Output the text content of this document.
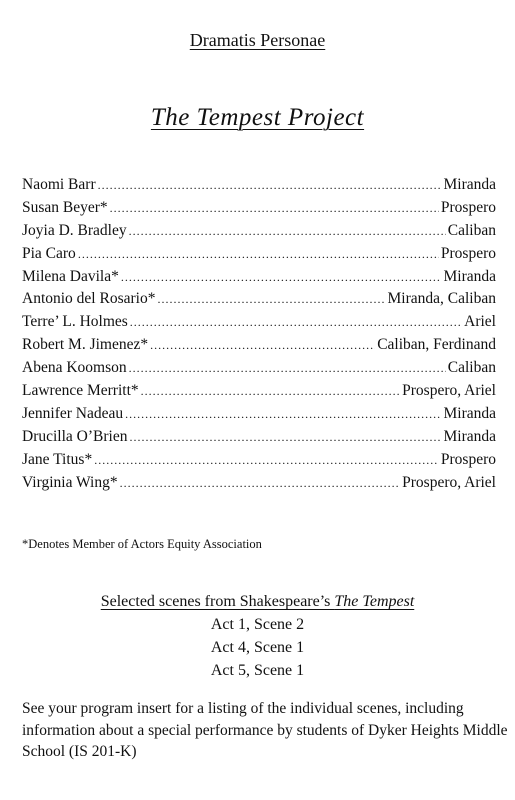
Dramatis Personae
The Tempest Project
Naomi Barr .....	Miranda
Susan Beyer* .....	Prospero
Joyia D. Bradley .....	Caliban
Pia Caro .....	Prospero
Milena Davila* .....	Miranda
Antonio del Rosario* .....	Miranda, Caliban
Terre’ L. Holmes .....	Ariel
Robert M. Jimenez* .....	Caliban, Ferdinand
Abena Koomson .....	Caliban
Lawrence Merritt* .....	Prospero, Ariel
Jennifer Nadeau .....	Miranda
Drucilla O’Brien .....	Miranda
Jane Titus* .....	Prospero
Virginia Wing* .....	Prospero, Ariel
*Denotes Member of Actors Equity Association
Selected scenes from Shakespeare’s The Tempest
Act 1, Scene 2
Act 4, Scene 1
Act 5, Scene 1
See your program insert for a listing of the individual scenes, including information about a special performance by students of Dyker Heights Middle School (IS 201-K)
